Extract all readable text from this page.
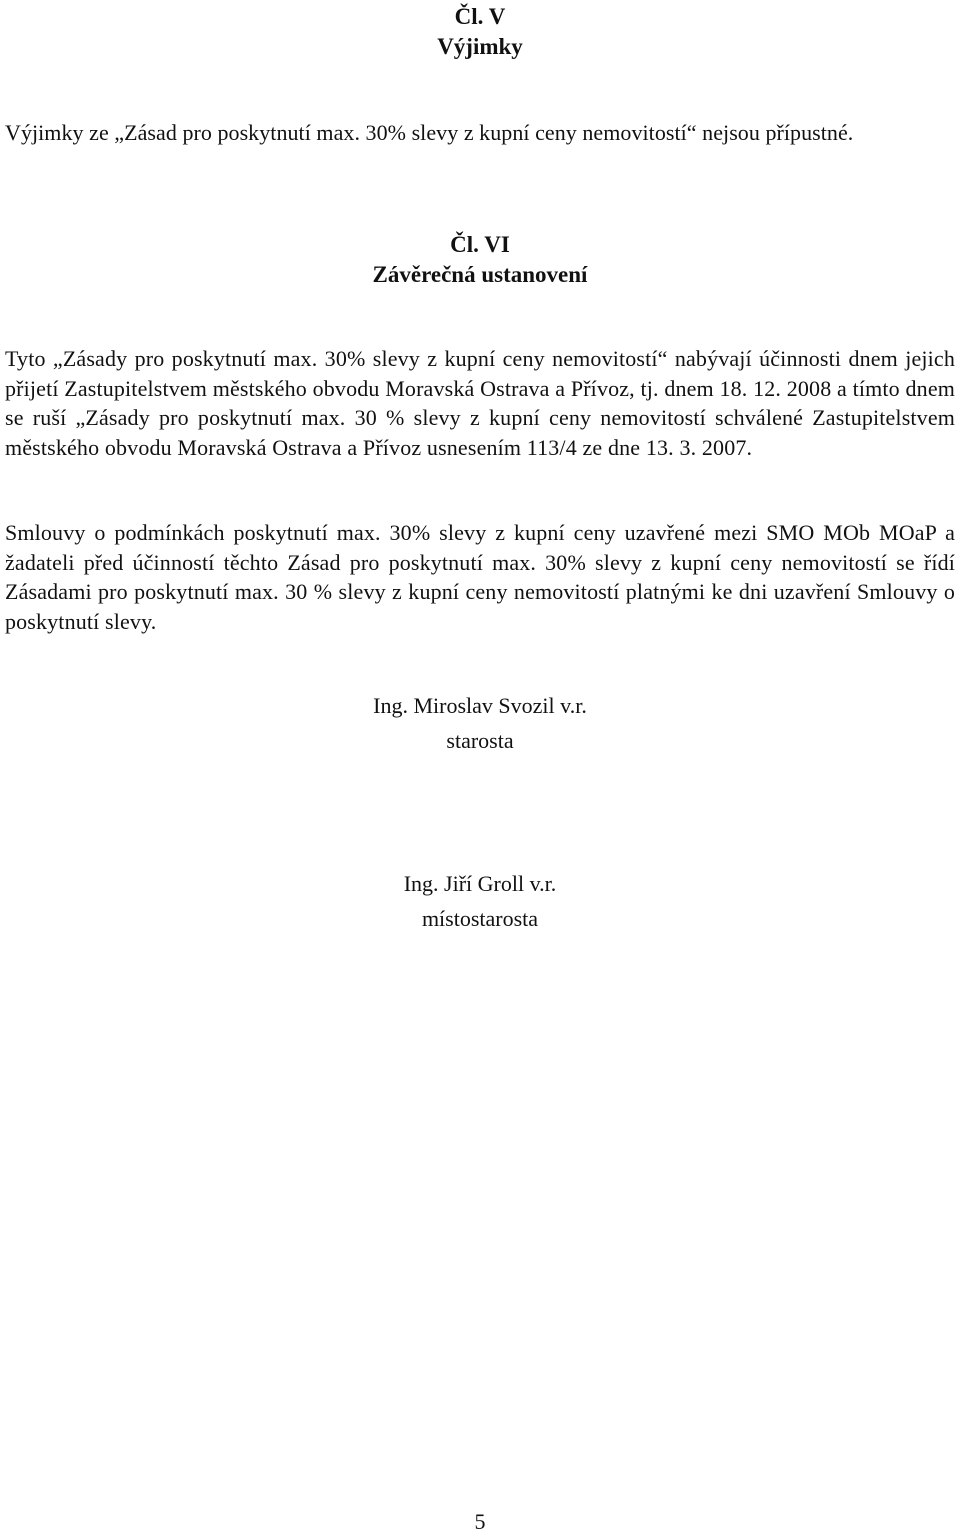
Čl. V
Výjimky
Výjimky ze „Zásad pro poskytnutí max. 30% slevy z kupní ceny nemovitostí“ nejsou přípustné.
Čl. VI
Závěrečná ustanovení
Tyto „Zásady pro poskytnutí max. 30% slevy z kupní ceny nemovitostí“ nabývají účinnosti dnem jejich přijetí Zastupitelstvem městského obvodu Moravská Ostrava a Přívoz, tj. dnem 18. 12. 2008 a tímto dnem se ruší „Zásady pro poskytnutí max. 30 % slevy z kupní ceny nemovitostí schválené Zastupitelstvem městského obvodu Moravská Ostrava a Přívoz usnesením 113/4 ze dne 13. 3. 2007.
Smlouvy o podmínkách poskytnutí max. 30% slevy z kupní ceny uzavřené mezi SMO MOb MOaP a žadateli před účinností těchto Zásad pro poskytnutí max. 30% slevy z kupní ceny nemovitostí se řídí Zásadami pro poskytnutí max. 30 % slevy z kupní ceny nemovitostí platnými ke dni uzavření Smlouvy o poskytnutí slevy.
Ing. Miroslav Svozil v.r.
starosta
Ing. Jiří Groll v.r.
místostarosta
5
